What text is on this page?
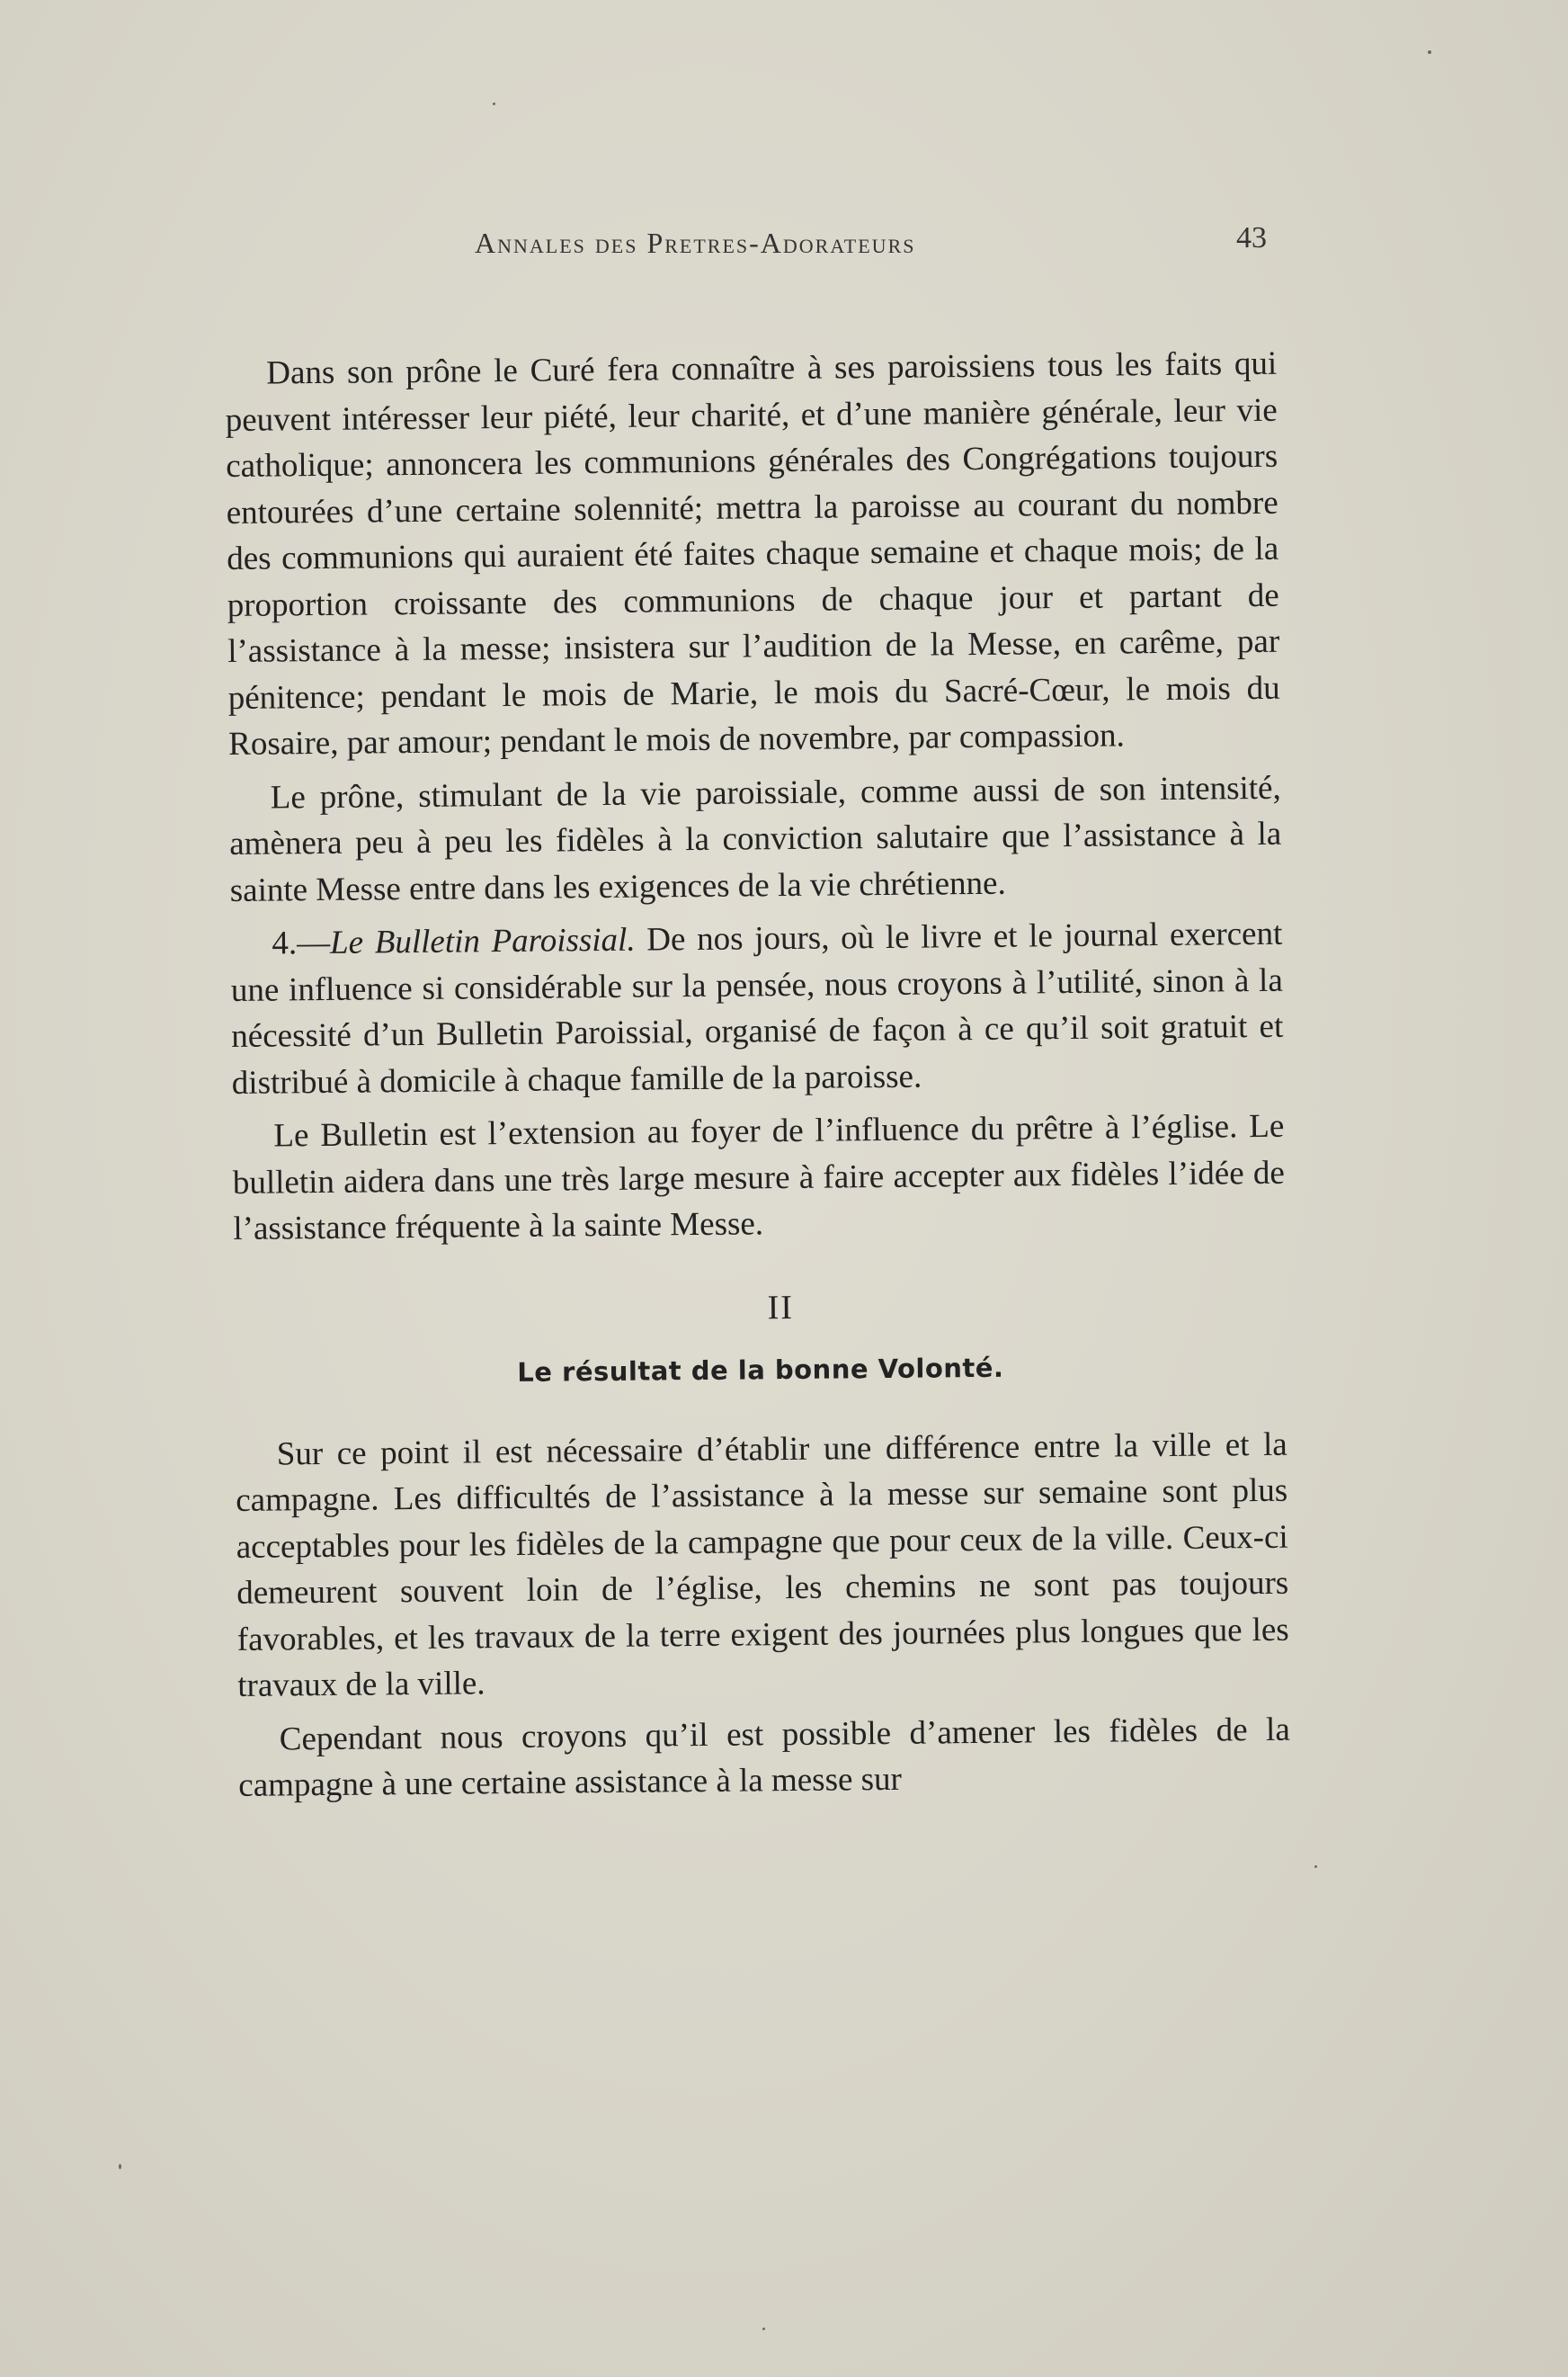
Annales des Pretres-Adorateurs	43

Dans son prône le Curé fera connaître à ses paroissiens tous les faits qui peuvent intéresser leur piété, leur charité, et d’une manière générale, leur vie catholique; annoncera les communions générales des Congrégations toujours entourées d’une certaine solennité; mettra la paroisse au courant du nombre des communions qui auraient été faites chaque semaine et chaque mois; de la proportion croissante des communions de chaque jour et partant de l’assistance à la messe; insistera sur l’audition de la Messe, en carême, par pénitence; pendant le mois de Marie, le mois du Sacré-Cœur, le mois du Rosaire, par amour; pendant le mois de novembre, par compassion.

Le prône, stimulant de la vie paroissiale, comme aussi de son intensité, amènera peu à peu les fidèles à la conviction salutaire que l’assistance à la sainte Messe entre dans les exigences de la vie chrétienne.

4.—Le Bulletin Paroissial. De nos jours, où le livre et le journal exercent une influence si considérable sur la pensée, nous croyons à l’utilité, sinon à la nécessité d’un Bulletin Paroissial, organisé de façon à ce qu’il soit gratuit et distribué à domicile à chaque famille de la paroisse.

Le Bulletin est l’extension au foyer de l’influence du prêtre à l’église. Le bulletin aidera dans une très large mesure à faire accepter aux fidèles l’idée de l’assistance fréquente à la sainte Messe.

II

Le résultat de la bonne Volonté.

Sur ce point il est nécessaire d’établir une différence entre la ville et la campagne. Les difficultés de l’assistance à la messe sur semaine sont plus acceptables pour les fidèles de la campagne que pour ceux de la ville. Ceux-ci demeurent souvent loin de l’église, les chemins ne sont pas toujours favorables, et les travaux de la terre exigent des journées plus longues que les travaux de la ville.

Cependant nous croyons qu’il est possible d’amener les fidèles de la campagne à une certaine assistance à la messe sur
